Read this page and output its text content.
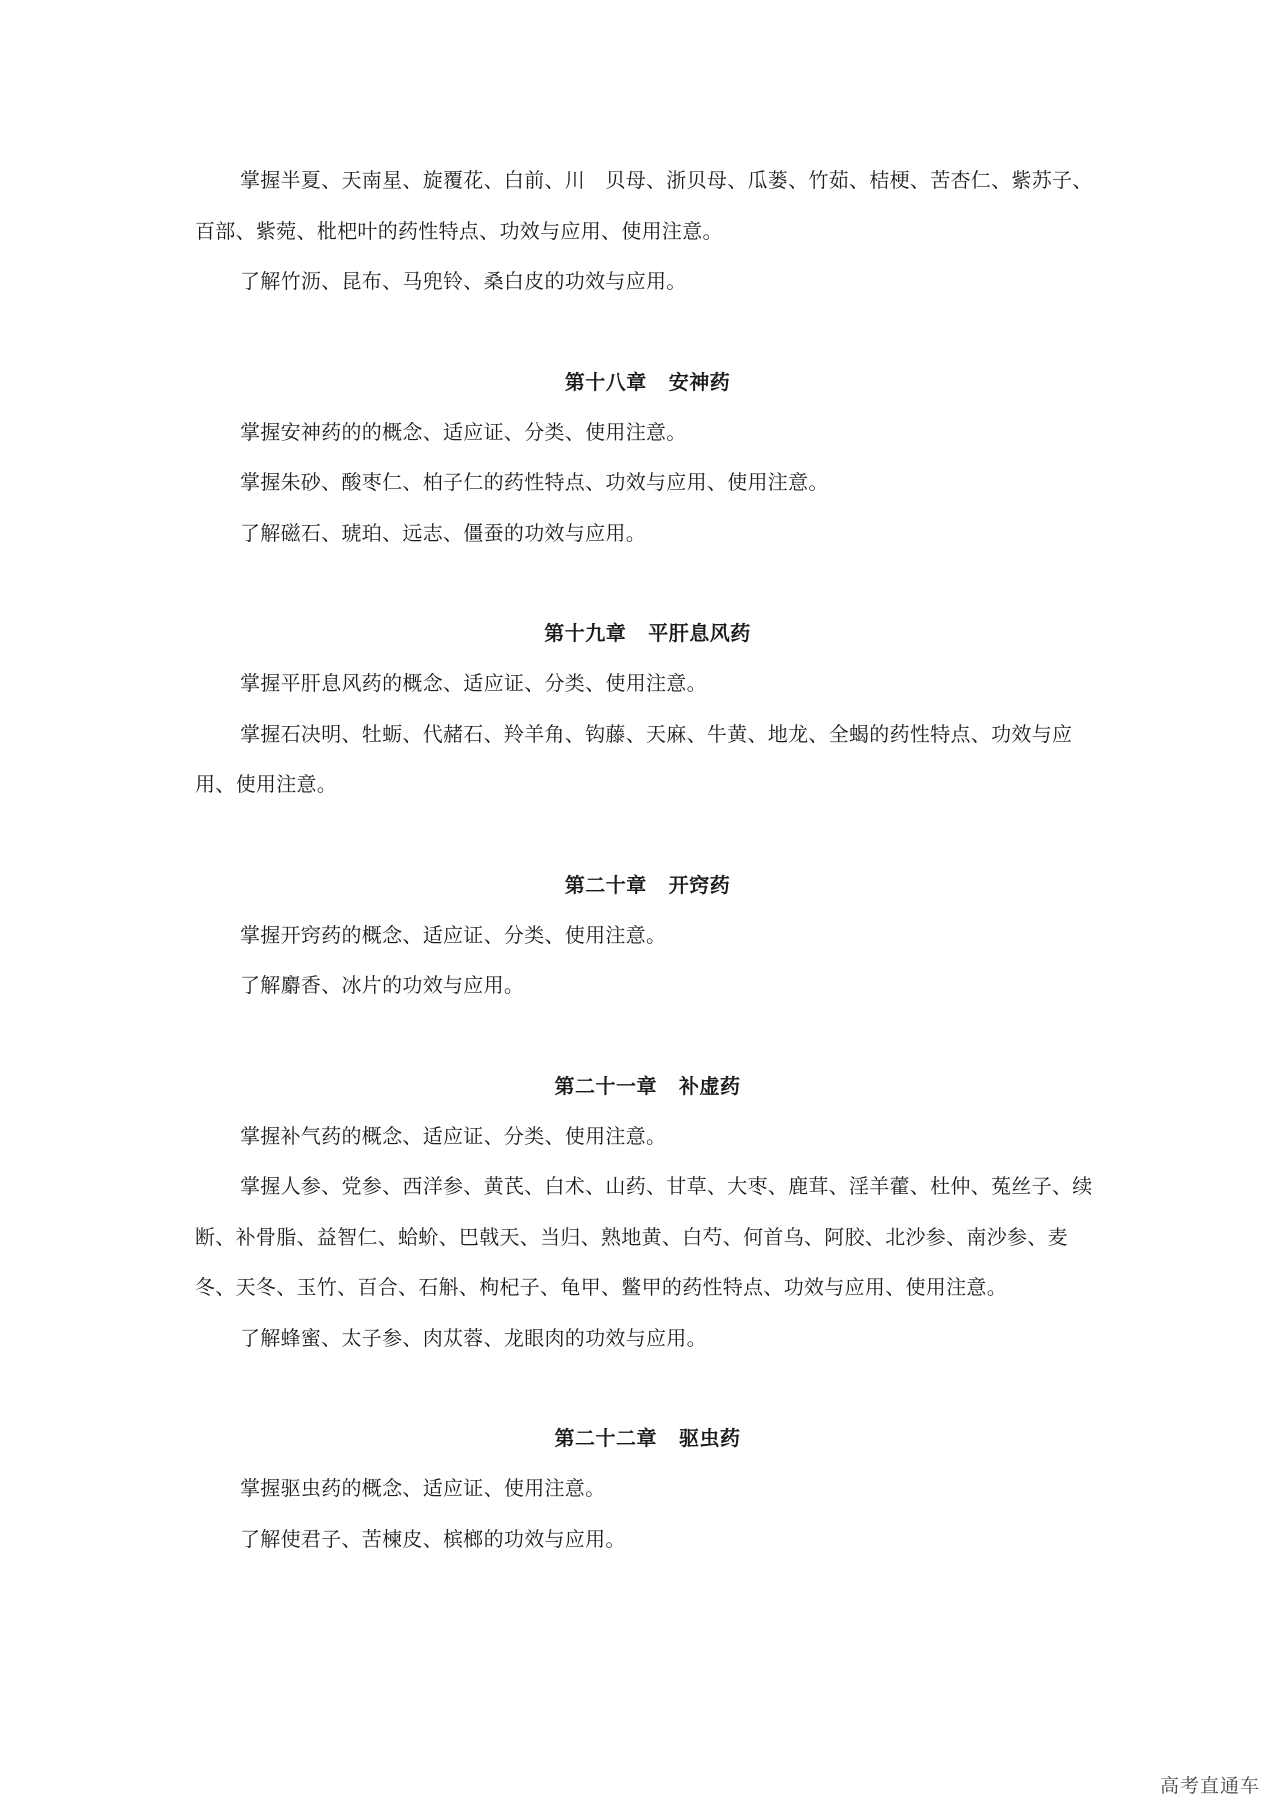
掌握半夏、天南星、旋覆花、白前、川　贝母、浙贝母、瓜蒌、竹茹、桔梗、苦杏仁、紫苏子、百部、紫菀、枇杷叶的药性特点、功效与应用、使用注意。

了解竹沥、昆布、马兜铃、桑白皮的功效与应用。

第十八章 安神药

掌握安神药的的概念、适应证、分类、使用注意。

掌握朱砂、酸枣仁、柏子仁的药性特点、功效与应用、使用注意。

了解磁石、琥珀、远志、僵蚕的功效与应用。

第十九章 平肝息风药

掌握平肝息风药的概念、适应证、分类、使用注意。

掌握石决明、牡蛎、代赭石、羚羊角、钩藤、天麻、牛黄、地龙、全蝎的药性特点、功效与应用、使用注意。

第二十章 开窍药

掌握开窍药的概念、适应证、分类、使用注意。

了解麝香、冰片的功效与应用。

第二十一章 补虚药

掌握补气药的概念、适应证、分类、使用注意。

掌握人参、党参、西洋参、黄芪、白术、山药、甘草、大枣、鹿茸、淫羊藿、杜仲、菟丝子、续断、补骨脂、益智仁、蛤蚧、巴戟天、当归、熟地黄、白芍、何首乌、阿胶、北沙参、南沙参、麦冬、天冬、玉竹、百合、石斛、枸杞子、龟甲、鳖甲的药性特点、功效与应用、使用注意。

了解蜂蜜、太子参、肉苁蓉、龙眼肉的功效与应用。

第二十二章 驱虫药

掌握驱虫药的概念、适应证、使用注意。

了解使君子、苦楝皮、槟榔的功效与应用。

高考直通车
